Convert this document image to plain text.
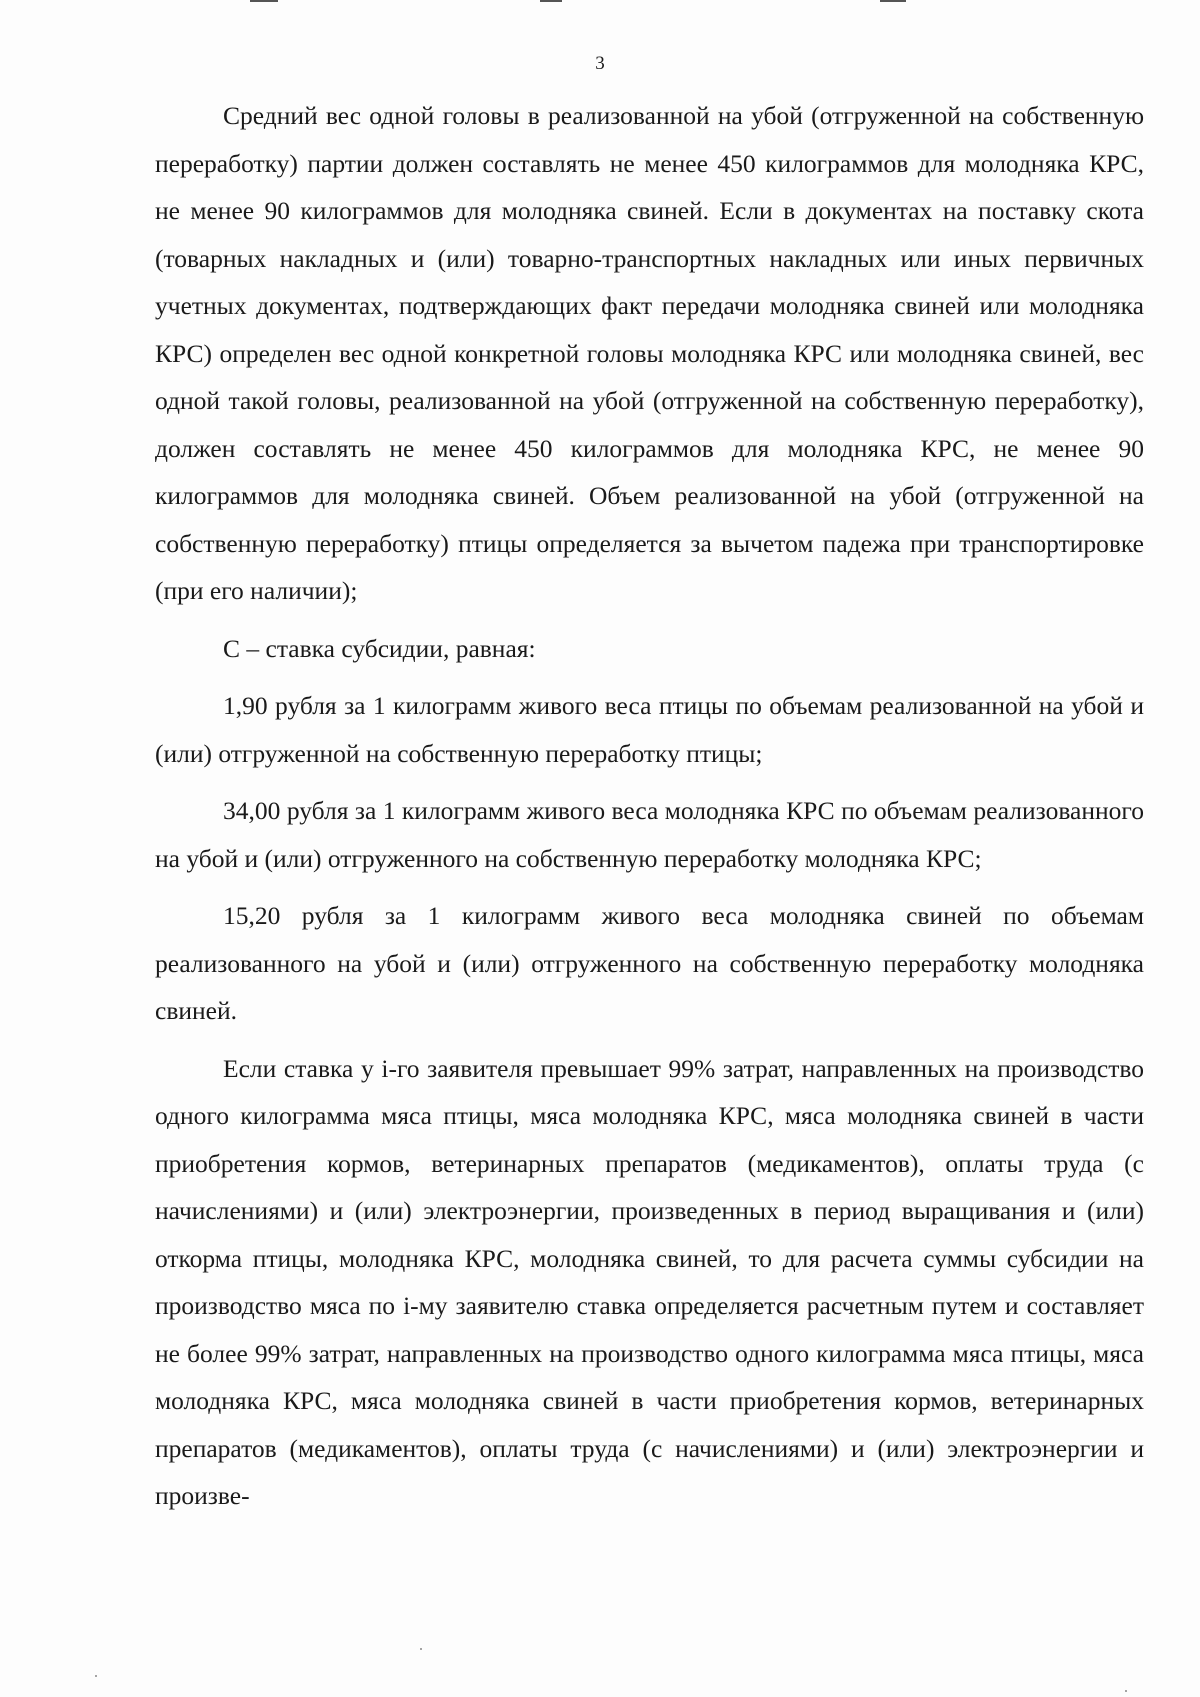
3

Средний вес одной головы в реализованной на убой (отгруженной на собственную переработку) партии должен составлять не менее 450 килограммов для молодняка КРС, не менее 90 килограммов для молодняка свиней. Если в документах на поставку скота (товарных накладных и (или) товарно-транспортных накладных или иных первичных учетных документах, подтверждающих факт передачи молодняка свиней или молодняка КРС) определен вес одной конкретной головы молодняка КРС или молодняка свиней, вес одной такой головы, реализованной на убой (отгруженной на собственную переработку), должен составлять не менее 450 килограммов для молодняка КРС, не менее 90 килограммов для молодняка свиней. Объем реализованной на убой (отгруженной на собственную переработку) птицы определяется за вычетом падежа при транспортировке (при его наличии);

С – ставка субсидии, равная:

1,90 рубля за 1 килограмм живого веса птицы по объемам реализованной на убой и (или) отгруженной на собственную переработку птицы;

34,00 рубля за 1 килограмм живого веса молодняка КРС по объемам реализованного на убой и (или) отгруженного на собственную переработку молодняка КРС;

15,20 рубля за 1 килограмм живого веса молодняка свиней по объемам реализованного на убой и (или) отгруженного на собственную переработку молодняка свиней.

Если ставка у i-го заявителя превышает 99% затрат, направленных на производство одного килограмма мяса птицы, мяса молодняка КРС, мяса молодняка свиней в части приобретения кормов, ветеринарных препаратов (медикаментов), оплаты труда (с начислениями) и (или) электроэнергии, произведенных в период выращивания и (или) откорма птицы, молодняка КРС, молодняка свиней, то для расчета суммы субсидии на производство мяса по i-му заявителю ставка определяется расчетным путем и составляет не более 99% затрат, направленных на производство одного килограмма мяса птицы, мяса молодняка КРС, мяса молодняка свиней в части приобретения кормов, ветеринарных препаратов (медикаментов), оплаты труда (с начислениями) и (или) электроэнергии и произве-
